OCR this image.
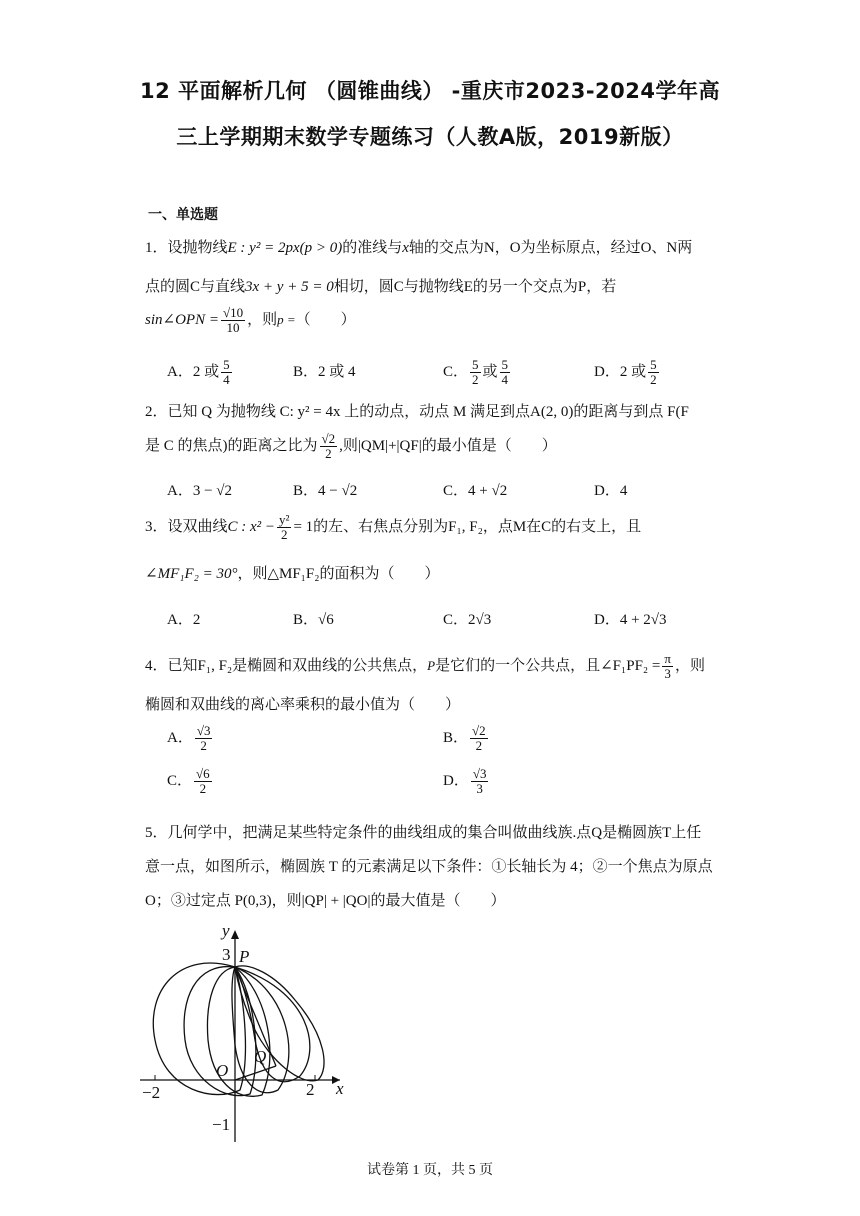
12 平面解析几何 （圆锥曲线） -重庆市2023-2024学年高
三上学期期末数学专题练习（人教A版，2019新版）
一、单选题
1．设抛物线E : y² = 2px(p > 0)的准线与x轴的交点为N，O为坐标原点，经过O、N两
点的圆C与直线3x + y + 5 = 0相切，圆C与抛物线E的另一个交点为P，若
sin∠OPN = $\frac{√10}{10}$ ，则p =（　　）
A．2 或 $\frac{5}{4}$	B．2 或 4	C． $\frac{5}{2}$ 或 $\frac{5}{4}$	D．2 或 $\frac{5}{2}$
2．已知 Q 为抛物线 C: y² = 4x 上的动点，动点 M 满足到点A(2, 0)的距离与到点 F(F
是 C 的焦点)的距离之比为 $\frac{√2}{2}$ ,则|QM|+|QF|的最小值是（　　）
A．3 − √2	B．4 − √2	C．4 + √2	D．4
3．设双曲线C : $x^2 - \frac{\text{y²}}{2} = 1$的左、右焦点分别为F₁, F₂，点M在C的右支上，且
∠MF₁F₂ = 30°，则△MF₁F₂的面积为（　　）
A．2	B．√6	C．2√3	D．4 + 2√3
4．已知F₁, F₂是椭圆和双曲线的公共焦点，P是它们的一个公共点，且∠F₁PF₂ = $\frac{\pi}{3}$ ，则
椭圆和双曲线的离心率乘积的最小值为（　　）
A． $\frac{√3}{2}$	B． $\frac{√2}{2}$
C． $\frac{√6}{2}$	D． $\frac{√3}{3}$
5．几何学中，把满足某些特定条件的曲线组成的集合叫做曲线族.点Q是椭圆族T上任
意一点，如图所示，椭圆族 T 的元素满足以下条件：①长轴长为 4；②一个焦点为原点
O；③过定点 P(0,3)，则|QP| + |QO|的最大值是（　　）
y
x
P
O
Q
3
−2	2
−1
试卷第 1 页，共 5 页
